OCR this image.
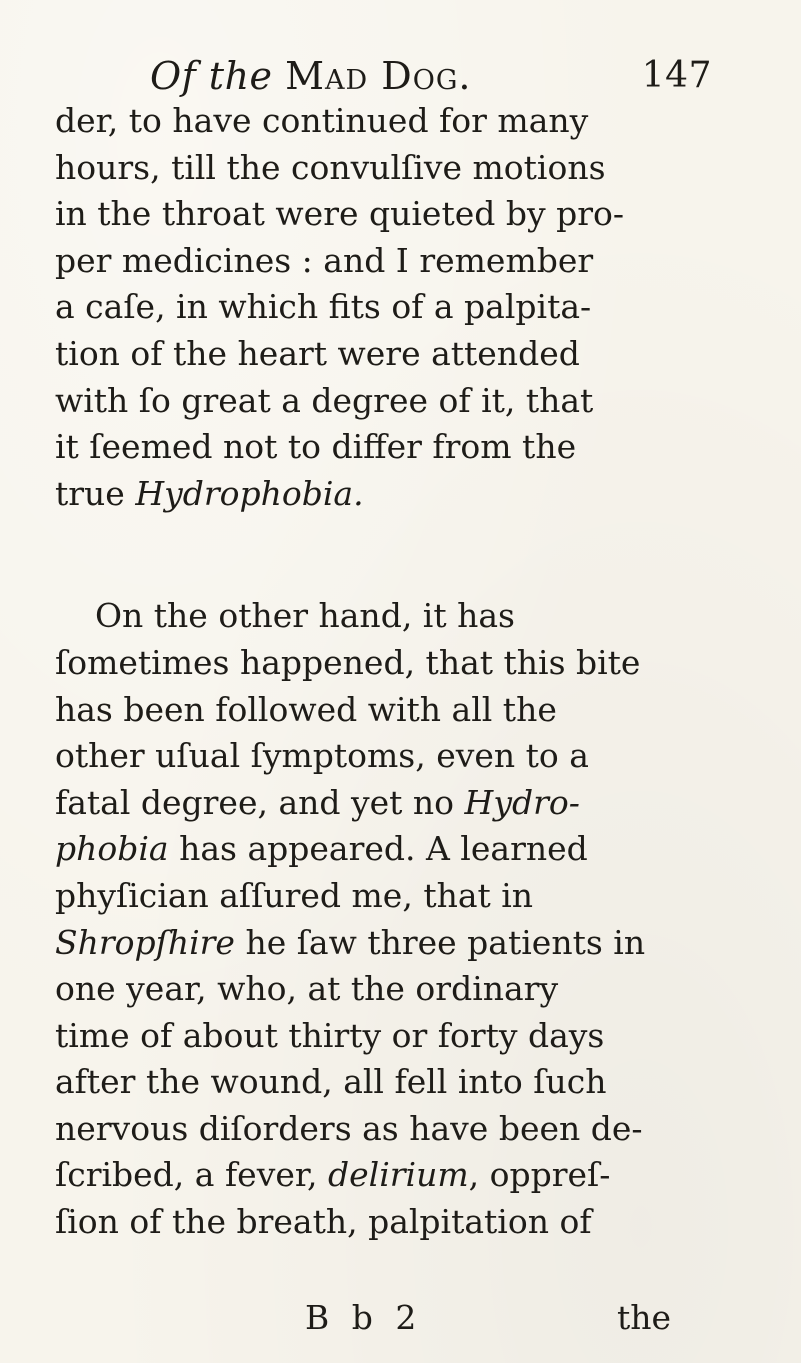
Of the Mad Dog.	147
der, to have continued for many
hours, till the convulſive motions
in the throat were quieted by pro-
per medicines : and I remember
a caſe, in which fits of a palpita-
tion of the heart were attended
with ſo great a degree of it, that
it ſeemed not to differ from the
true Hydrophobia.
On the other hand, it has
ſometimes happened, that this bite
has been followed with all the
other uſual ſymptoms, even to a
fatal degree, and yet no Hydro-
phobia has appeared. A learned
phyſician aſſured me, that in
Shropſhire he ſaw three patients in
one year, who, at the ordinary
time of about thirty or forty days
after the wound, all fell into ſuch
nervous diſorders as have been de-
ſcribed, a fever, delirium, oppreſ-
ſion of the breath, palpitation of
B b 2	the
